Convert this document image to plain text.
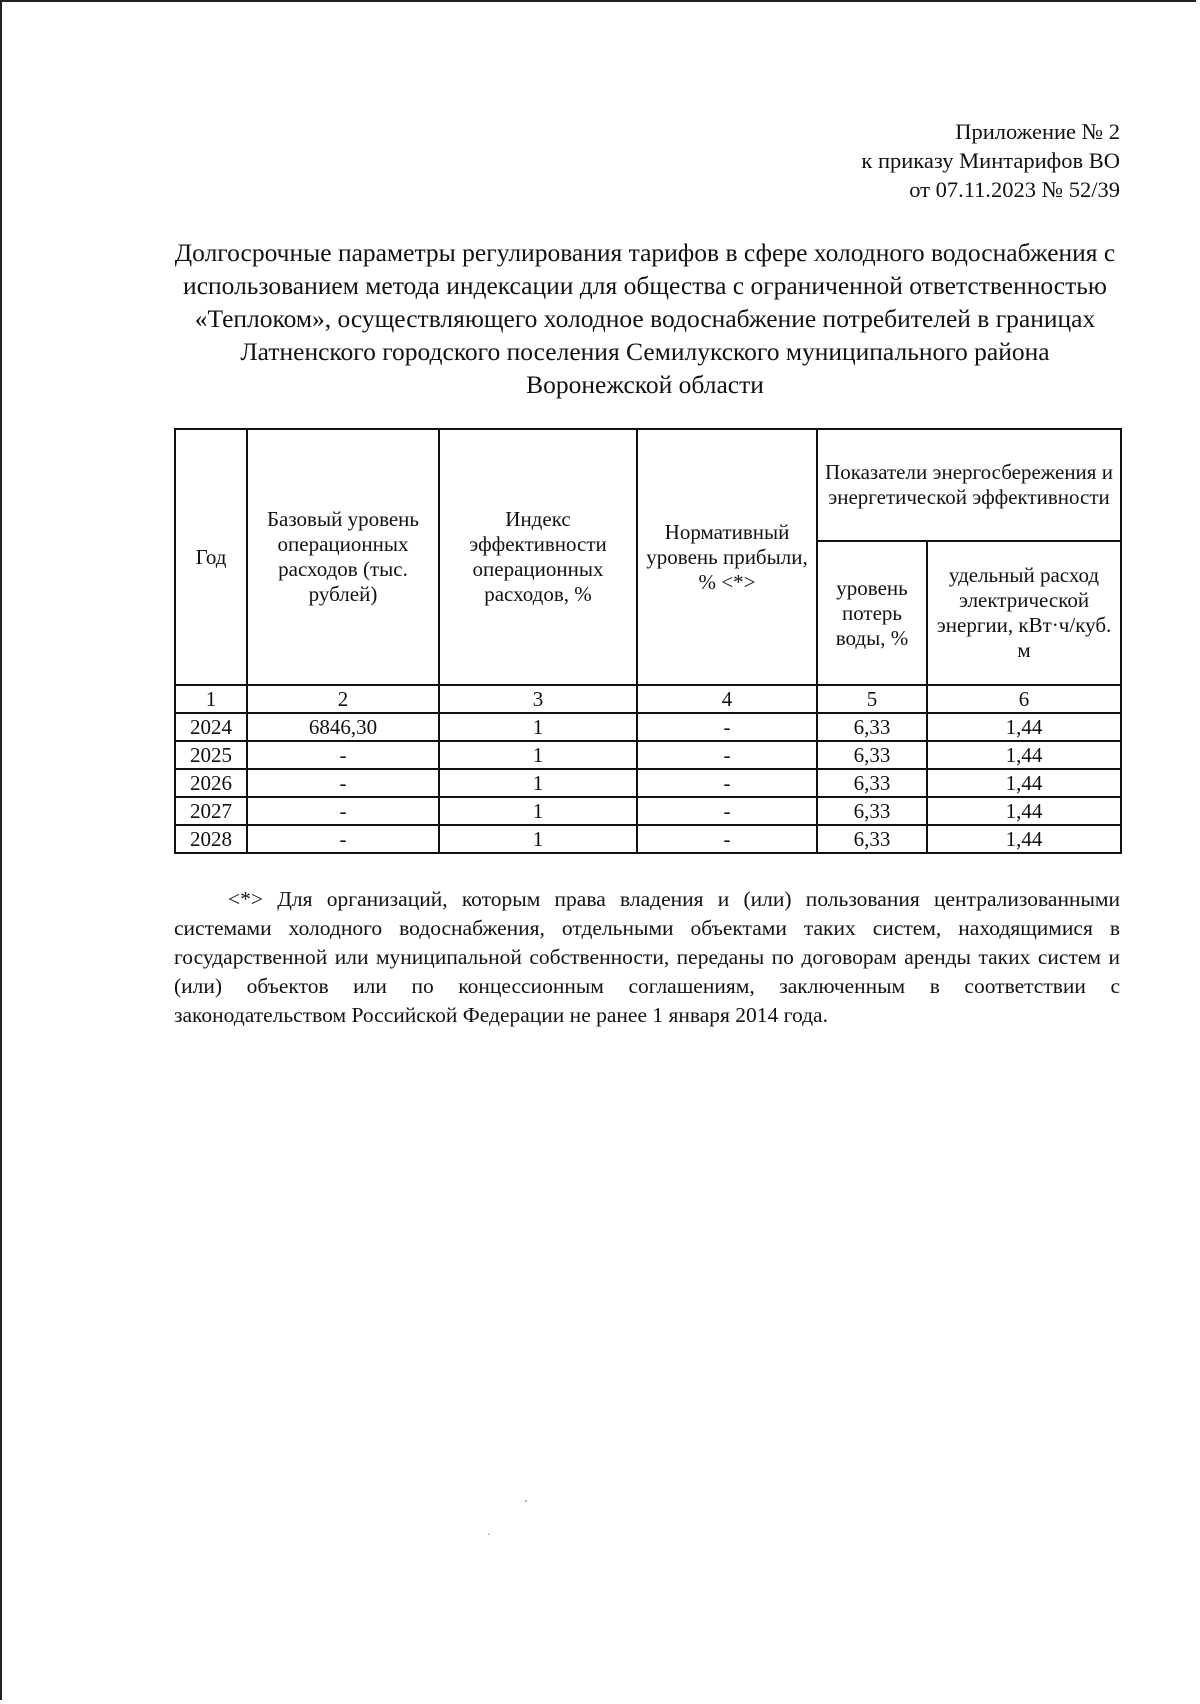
Приложение № 2
к приказу Минтарифов ВО
от 07.11.2023 № 52/39
Долгосрочные параметры регулирования тарифов в сфере холодного водоснабжения с использованием метода индексации для общества с ограниченной ответственностью «Теплоком», осуществляющего холодное водоснабжение потребителей в границах Латненского городского поселения Семилукского муниципального района Воронежской области
Год	Базовый уровень операционных расходов (тыс. рублей)	Индекс эффективности операционных расходов, %	Нормативный уровень прибыли, % <*>	Показатели энергосбережения и энергетической эффективности	
				уровень потерь воды, %	удельный расход электрической энергии, кВт·ч/куб. м
1	2	3	4	5	6
2024	6846,30	1	-	6,33	1,44
2025	-	1	-	6,33	1,44
2026	-	1	-	6,33	1,44
2027	-	1	-	6,33	1,44
2028	-	1	-	6,33	1,44

<*> Для организаций, которым права владения и (или) пользования централизованными системами холодного водоснабжения, отдельными объектами таких систем, находящимися в государственной или муниципальной собственности, переданы по договорам аренды таких систем и (или) объектов или по концессионным соглашениям, заключенным в соответствии с законодательством Российской Федерации не ранее 1 января 2014 года.
